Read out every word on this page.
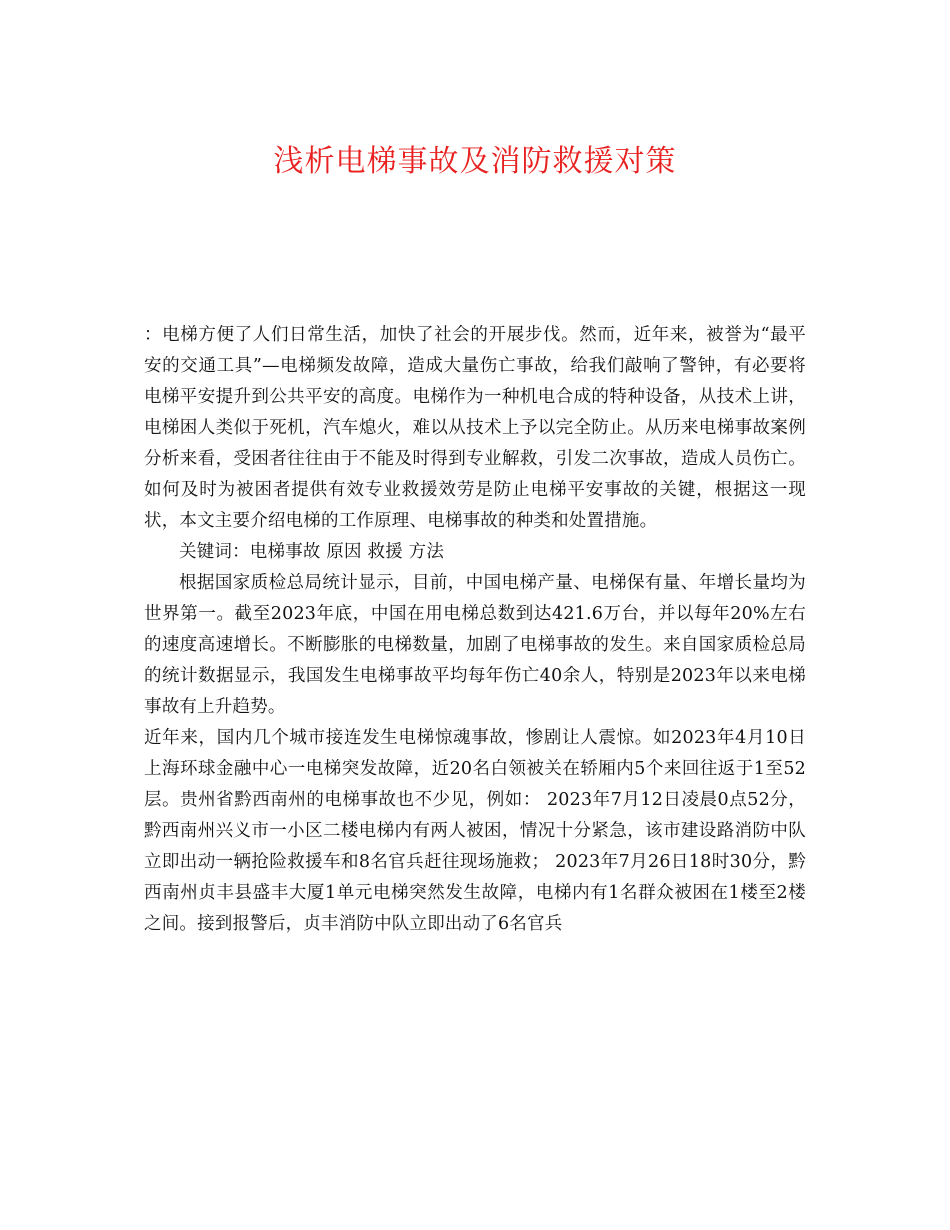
浅析电梯事故及消防救援对策

：电梯方便了人们日常生活，加快了社会的开展步伐。然而，近年来，被誉为“最平安的交通工具”—电梯频发故障，造成大量伤亡事故，给我们敲响了警钟，有必要将电梯平安提升到公共平安的高度。电梯作为一种机电合成的特种设备，从技术上讲，电梯困人类似于死机，汽车熄火，难以从技术上予以完全防止。从历来电梯事故案例分析来看，受困者往往由于不能及时得到专业解救，引发二次事故，造成人员伤亡。如何及时为被困者提供有效专业救援效劳是防止电梯平安事故的关键，根据这一现状，本文主要介绍电梯的工作原理、电梯事故的种类和处置措施。

关键词：电梯事故 原因 救援 方法

根据国家质检总局统计显示，目前，中国电梯产量、电梯保有量、年增长量均为世界第一。截至2023年底，中国在用电梯总数到达421.6万台，并以每年20%左右的速度高速增长。不断膨胀的电梯数量，加剧了电梯事故的发生。来自国家质检总局的统计数据显示，我国发生电梯事故平均每年伤亡40余人，特别是2023年以来电梯事故有上升趋势。

近年来，国内几个城市接连发生电梯惊魂事故，惨剧让人震惊。如2023年4月10日上海环球金融中心一电梯突发故障，近20名白领被关在轿厢内5个来回往返于1至52层。贵州省黔西南州的电梯事故也不少见，例如： 2023年7月12日凌晨0点52分，黔西南州兴义市一小区二楼电梯内有两人被困，情况十分紧急，该市建设路消防中队立即出动一辆抢险救援车和8名官兵赶往现场施救； 2023年7月26日18时30分，黔西南州贞丰县盛丰大厦1单元电梯突然发生故障，电梯内有1名群众被困在1楼至2楼之间。接到报警后，贞丰消防中队立即出动了6名官兵
